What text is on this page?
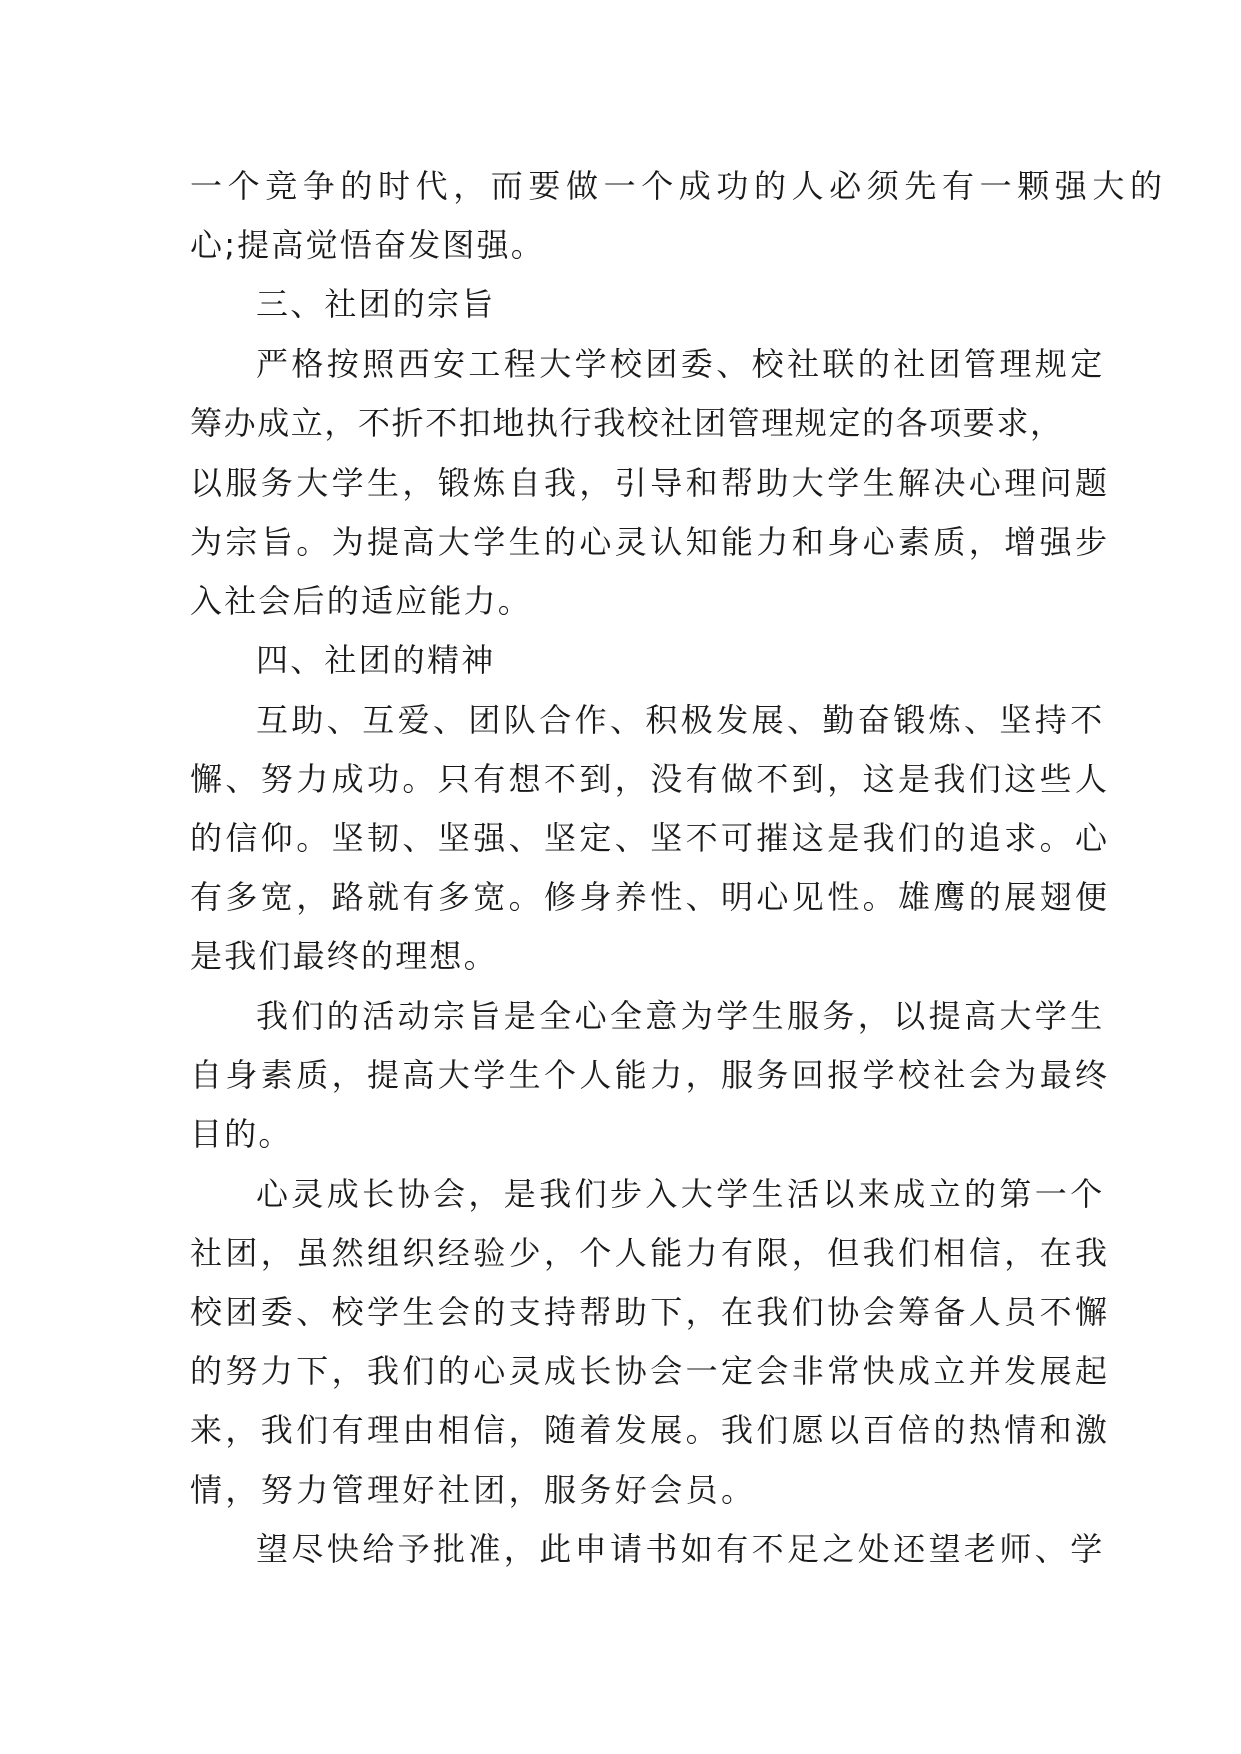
一个竞争的时代，而要做一个成功的人必须先有一颗强大的
心;提高觉悟奋发图强。
三、社团的宗旨
严格按照西安工程大学校团委、校社联的社团管理规定
筹办成立，不折不扣地执行我校社团管理规定的各项要求，
以服务大学生，锻炼自我，引导和帮助大学生解决心理问题
为宗旨。为提高大学生的心灵认知能力和身心素质，增强步
入社会后的适应能力。
四、社团的精神
互助、互爱、团队合作、积极发展、勤奋锻炼、坚持不
懈、努力成功。只有想不到，没有做不到，这是我们这些人
的信仰。坚韧、坚强、坚定、坚不可摧这是我们的追求。心
有多宽，路就有多宽。修身养性、明心见性。雄鹰的展翅便
是我们最终的理想。
我们的活动宗旨是全心全意为学生服务，以提高大学生
自身素质，提高大学生个人能力，服务回报学校社会为最终
目的。
心灵成长协会，是我们步入大学生活以来成立的第一个
社团，虽然组织经验少，个人能力有限，但我们相信，在我
校团委、校学生会的支持帮助下，在我们协会筹备人员不懈
的努力下，我们的心灵成长协会一定会非常快成立并发展起
来，我们有理由相信，随着发展。我们愿以百倍的热情和激
情，努力管理好社团，服务好会员。
望尽快给予批准，此申请书如有不足之处还望老师、学
